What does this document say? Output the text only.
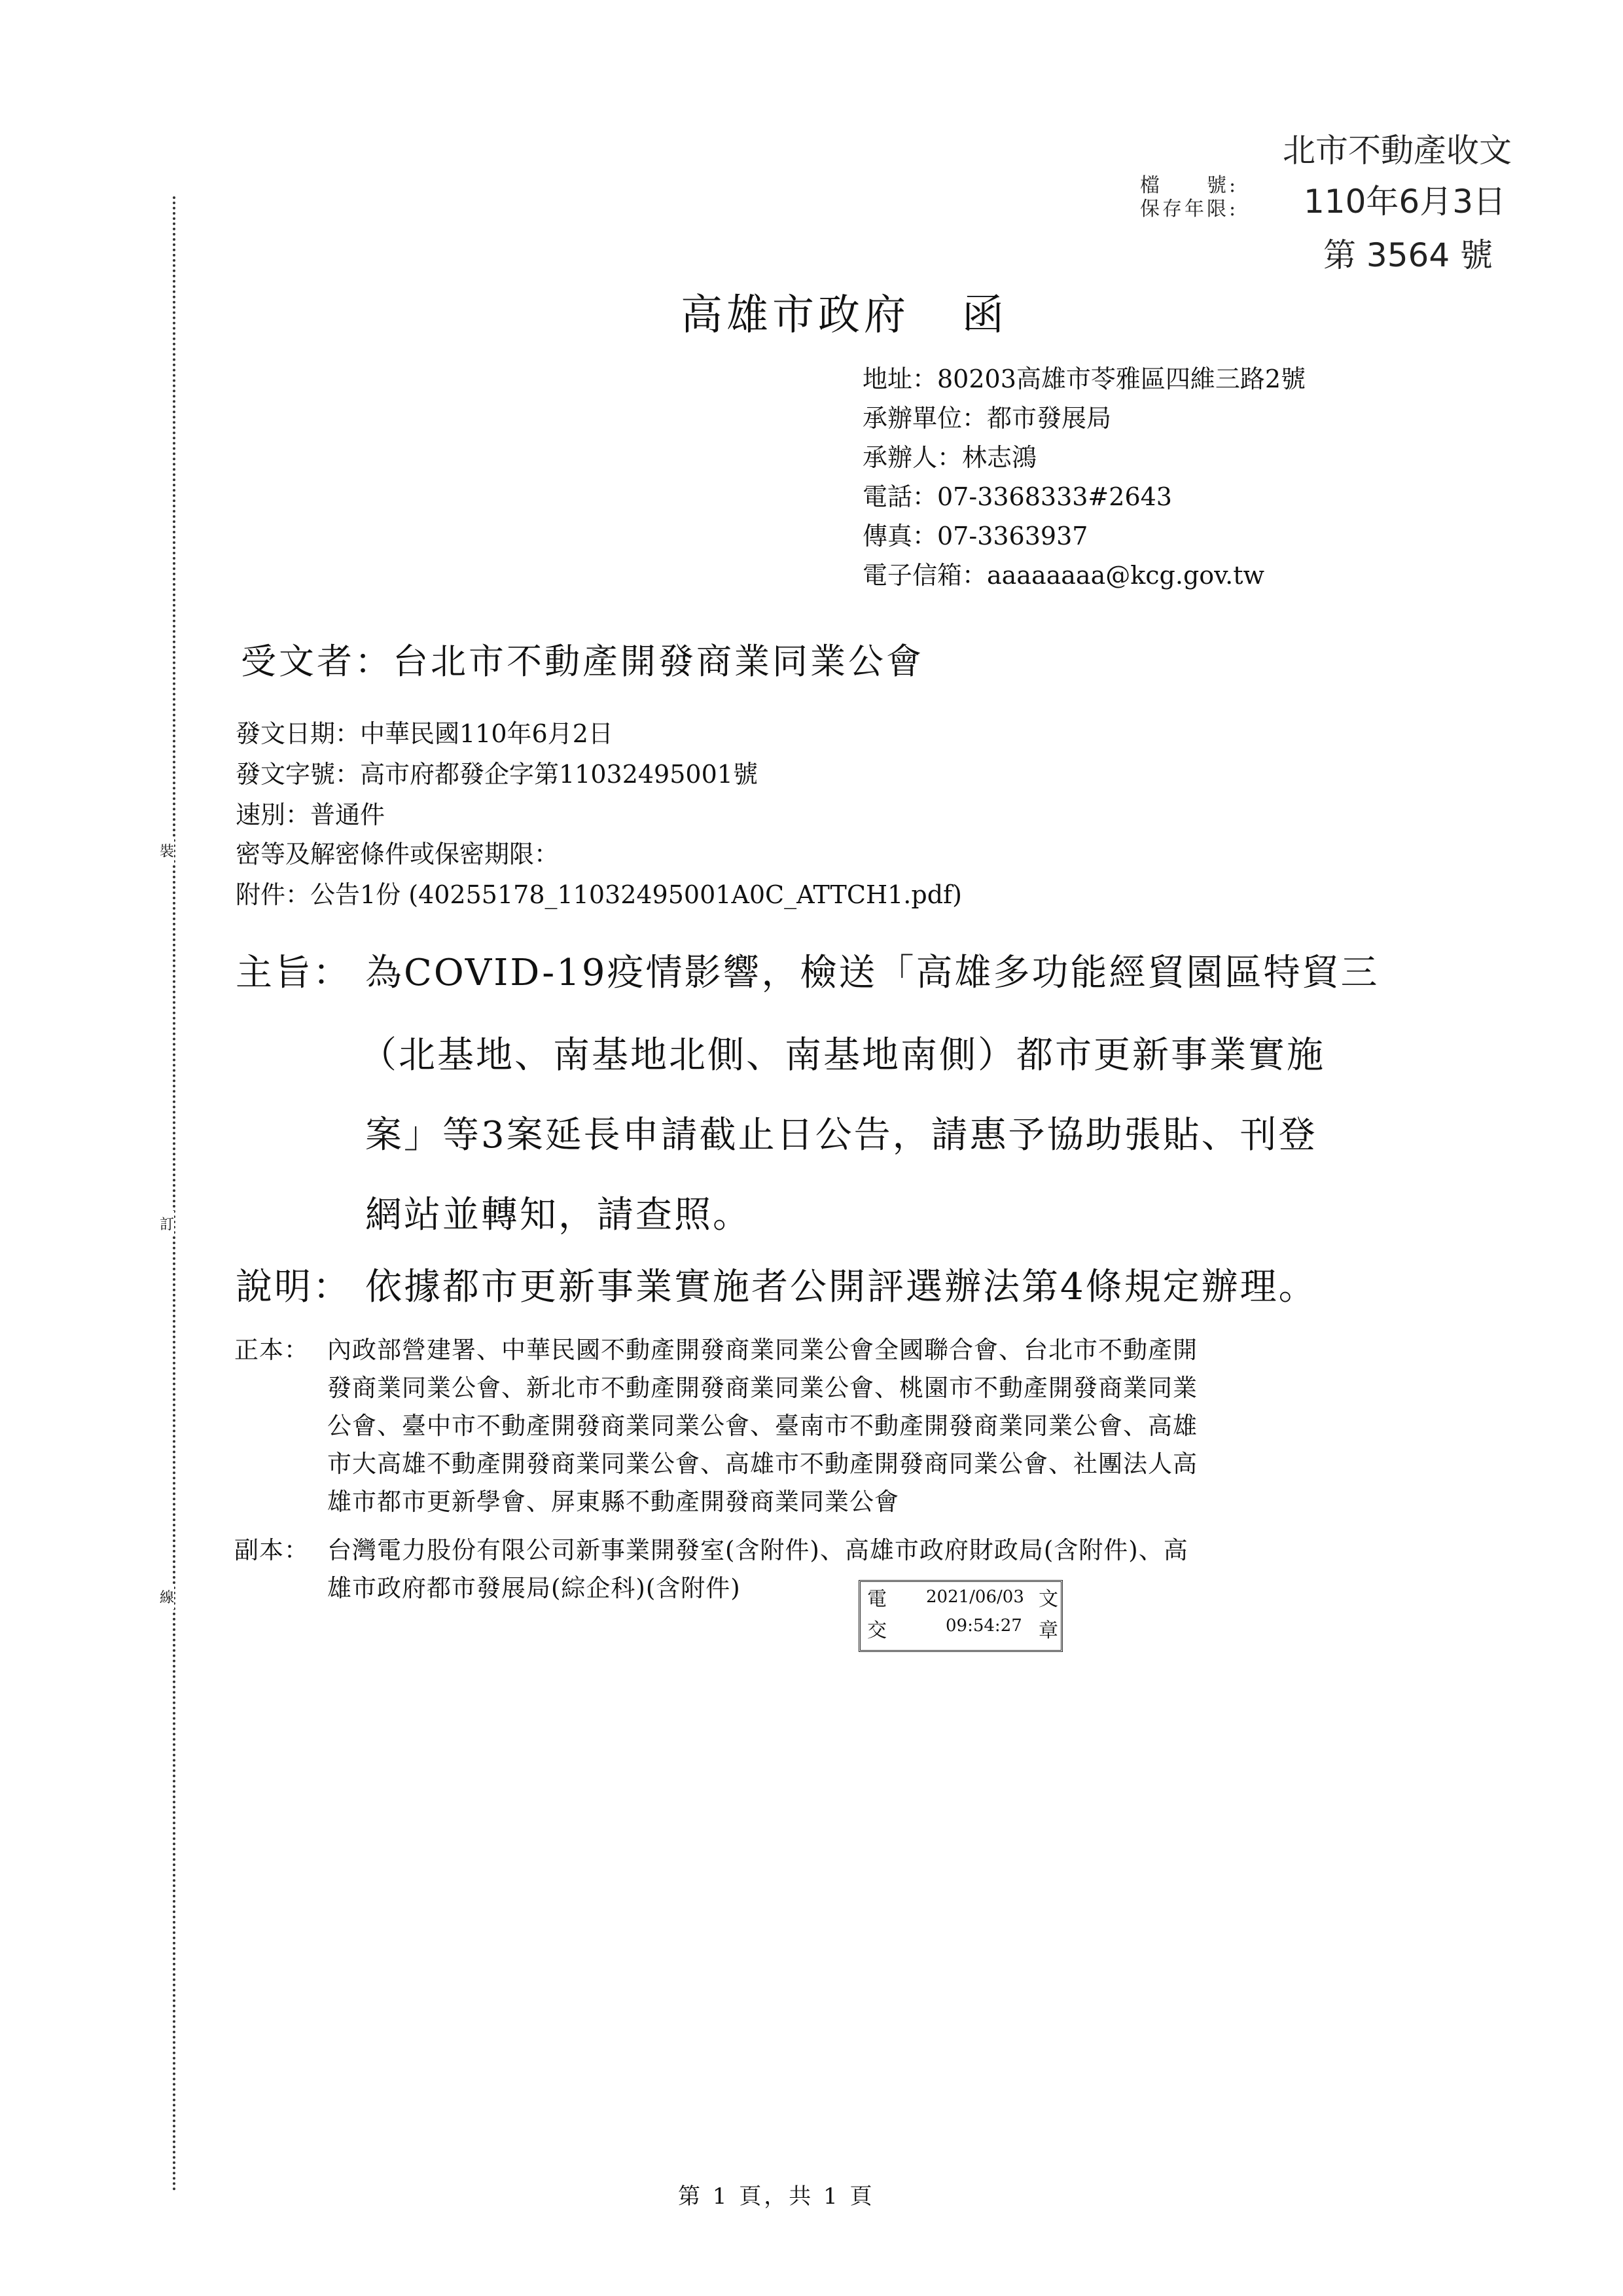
裝
訂
線
北市不動產收文
檔　　號:
保存年限: 110年6月3日
第 3564 號
高雄市政府 函
地址：80203高雄市苓雅區四維三路2號
承辦單位：都市發展局
承辦人：林志鴻
電話：07-3368333#2643
傳真：07-3363937
電子信箱：aaaaaaaa@kcg.gov.tw
受文者：台北市不動產開發商業同業公會
發文日期：中華民國110年6月2日
發文字號：高市府都發企字第11032495001號
速別：普通件
密等及解密條件或保密期限：
附件：公告1份 (40255178_11032495001A0C_ATTCH1.pdf)
主旨： 為COVID-19疫情影響，檢送「高雄多功能經貿園區特貿三
（北基地、南基地北側、南基地南側）都市更新事業實施
案」等3案延長申請截止日公告，請惠予協助張貼、刊登
網站並轉知，請查照。
說明： 依據都市更新事業實施者公開評選辦法第4條規定辦理。
正本： 內政部營建署、中華民國不動產開發商業同業公會全國聯合會、台北市不動產開
發商業同業公會、新北市不動產開發商業同業公會、桃園市不動產開發商業同業
公會、臺中市不動產開發商業同業公會、臺南市不動產開發商業同業公會、高雄
市大高雄不動產開發商業同業公會、高雄市不動產開發商同業公會、社團法人高
雄市都市更新學會、屏東縣不動產開發商業同業公會
副本： 台灣電力股份有限公司新事業開發室(含附件)、高雄市政府財政局(含附件)、高
雄市政府都市發展局(綜企科)(含附件)	電 2021/06/03 文
交	09:54:27 章
第 1 頁，共 1 頁
